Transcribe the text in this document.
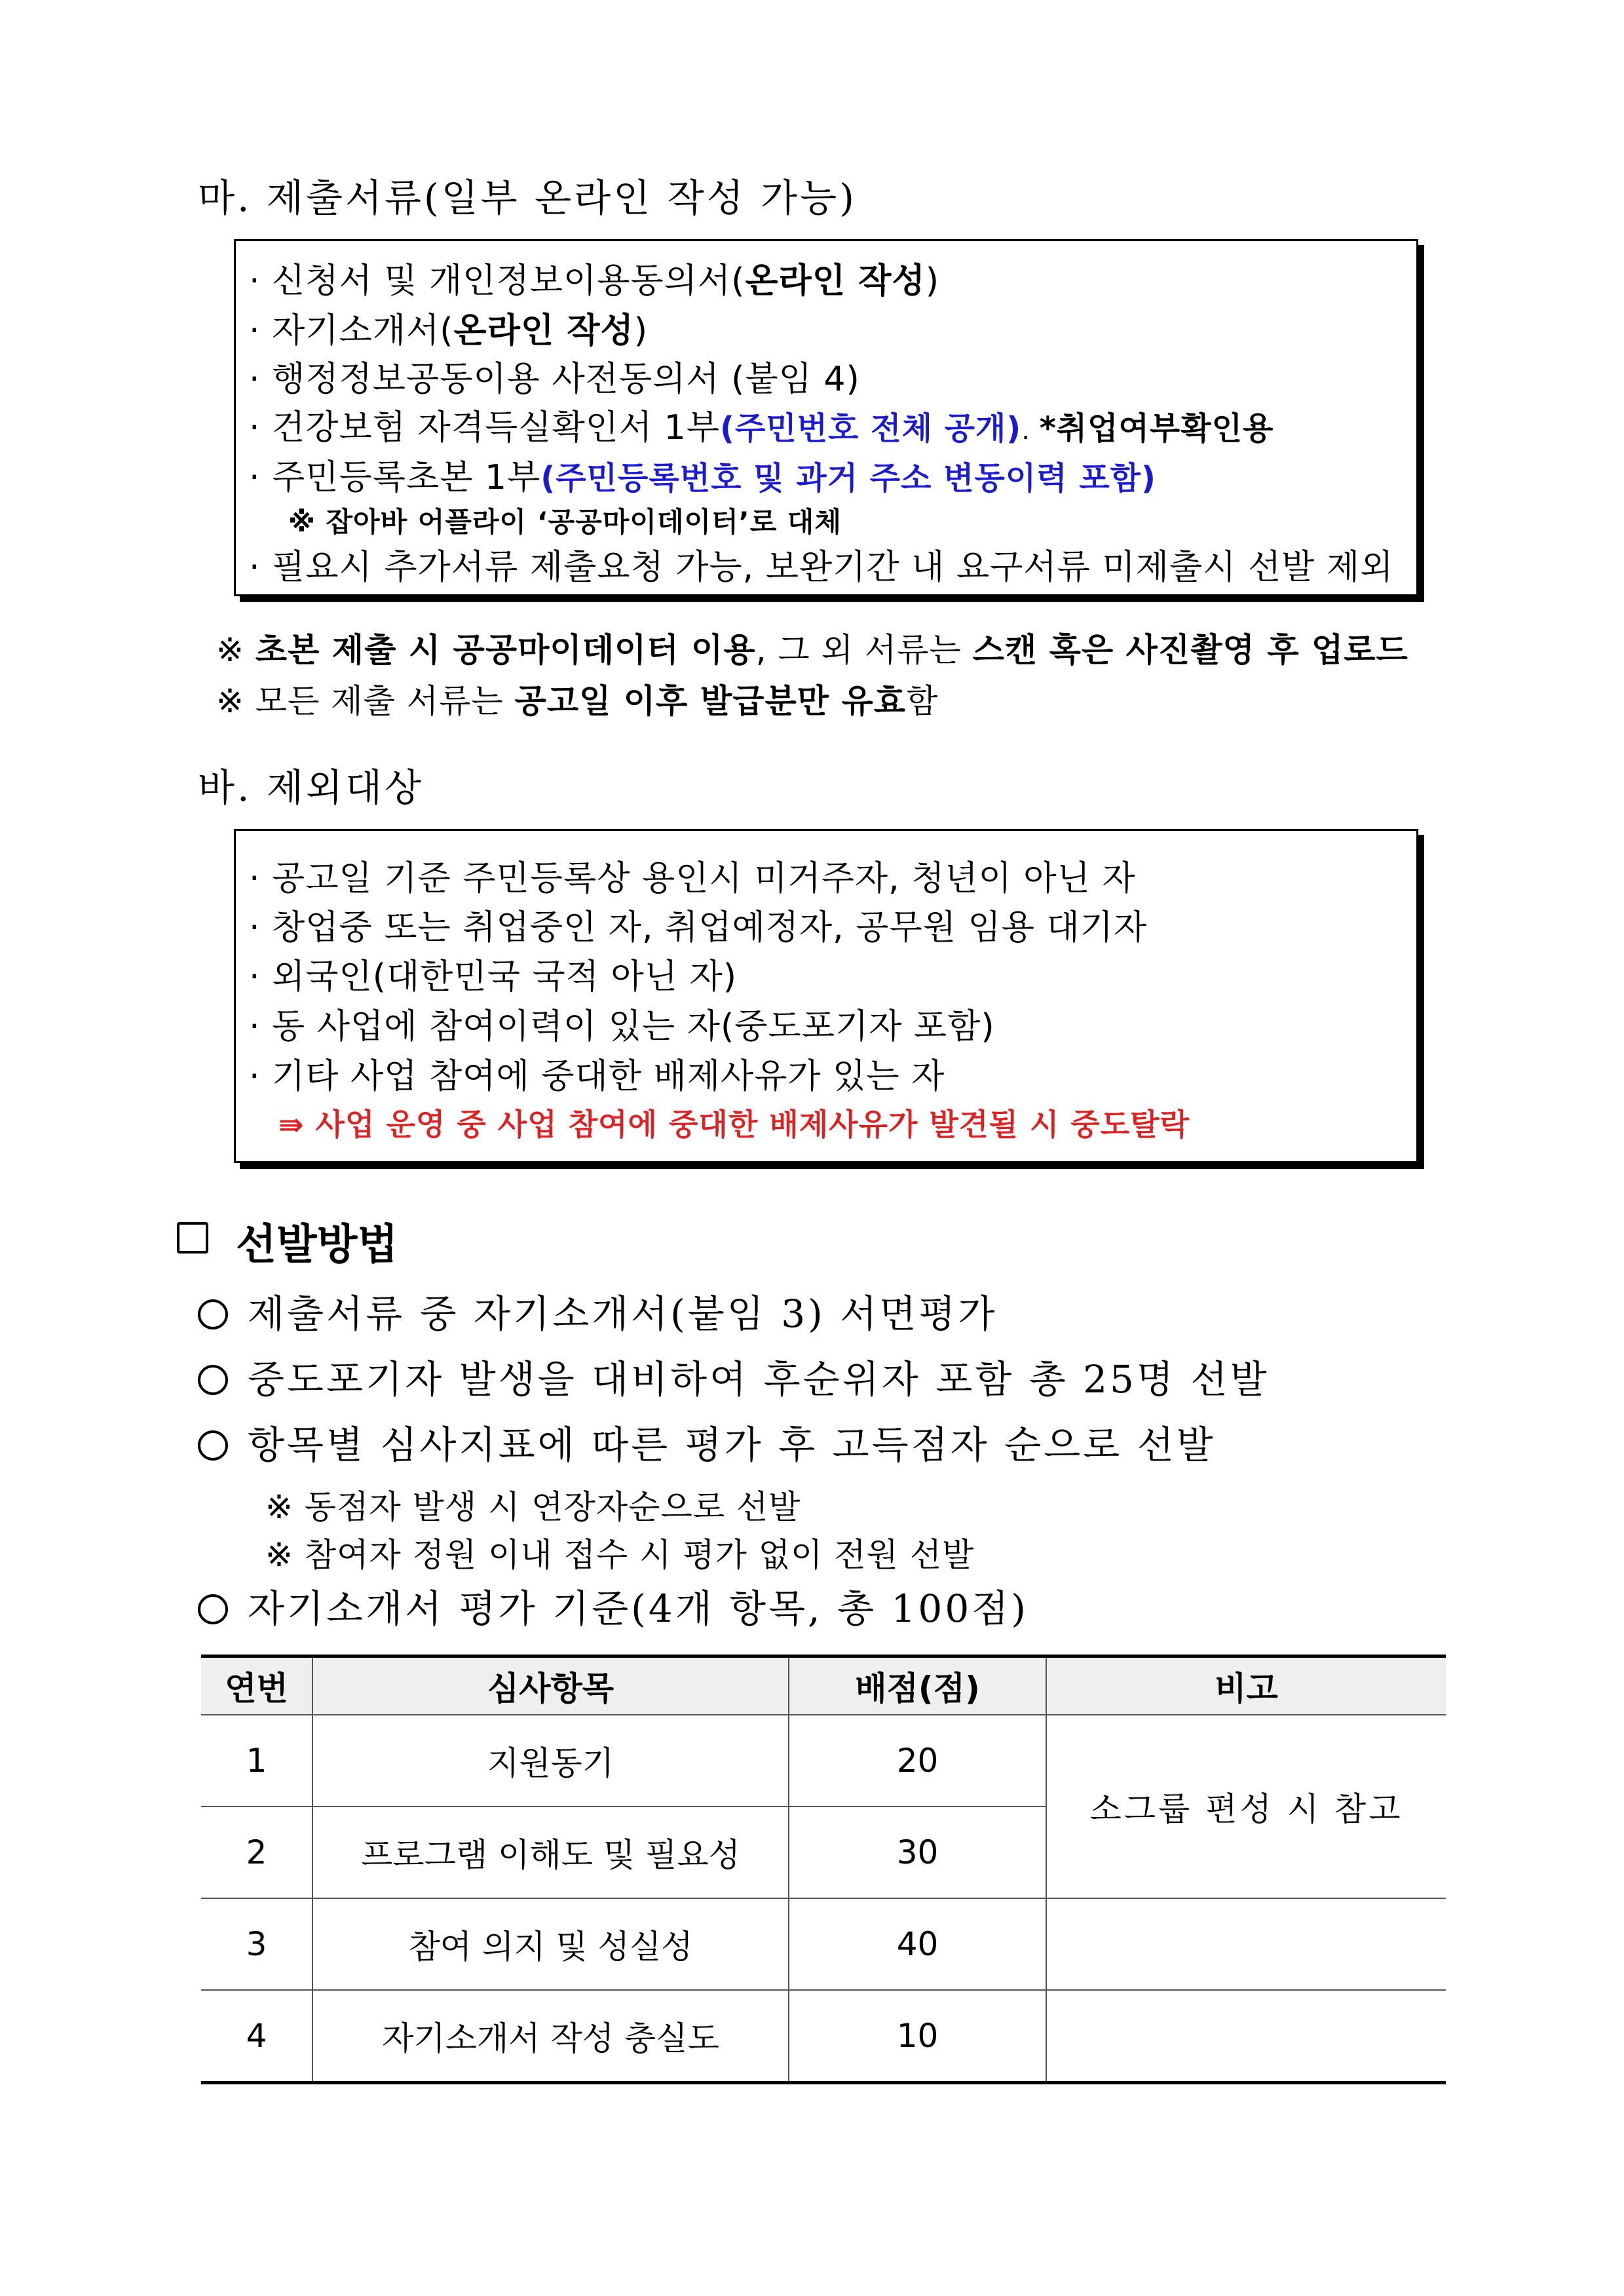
마. 제출서류(일부 온라인 작성 가능)
· 신청서 및 개인정보이용동의서(온라인 작성)
· 자기소개서(온라인 작성)
· 행정정보공동이용 사전동의서 (붙임 4)
· 건강보험 자격득실확인서 1부(주민번호 전체 공개). *취업여부확인용
· 주민등록초본 1부(주민등록번호 및 과거 주소 변동이력 포함)
※ 잡아바 어플라이 ‘공공마이데이터’로 대체
· 필요시 추가서류 제출요청 가능, 보완기간 내 요구서류 미제출시 선발 제외
※ 초본 제출 시 공공마이데이터 이용, 그 외 서류는 스캔 혹은 사진촬영 후 업로드
※ 모든 제출 서류는 공고일 이후 발급분만 유효함
바. 제외대상
· 공고일 기준 주민등록상 용인시 미거주자, 청년이 아닌 자
· 창업중 또는 취업중인 자, 취업예정자, 공무원 임용 대기자
· 외국인(대한민국 국적 아닌 자)
· 동 사업에 참여이력이 있는 자(중도포기자 포함)
· 기타 사업 참여에 중대한 배제사유가 있는 자
⇛ 사업 운영 중 사업 참여에 중대한 배제사유가 발견될 시 중도탈락
선발방법
제출서류 중 자기소개서(붙임 3) 서면평가
중도포기자 발생을 대비하여 후순위자 포함 총 25명 선발
항목별 심사지표에 따른 평가 후 고득점자 순으로 선발
※ 동점자 발생 시 연장자순으로 선발
※ 참여자 정원 이내 접수 시 평가 없이 전원 선발
자기소개서 평가 기준(4개 항목, 총 100점)
연번	심사항목	배점(점)	비고
1	지원동기	20	소그룹 편성 시 참고
2	프로그램 이해도 및 필요성	30	
3	참여 의지 및 성실성	40	
4	자기소개서 작성 충실도	10	
